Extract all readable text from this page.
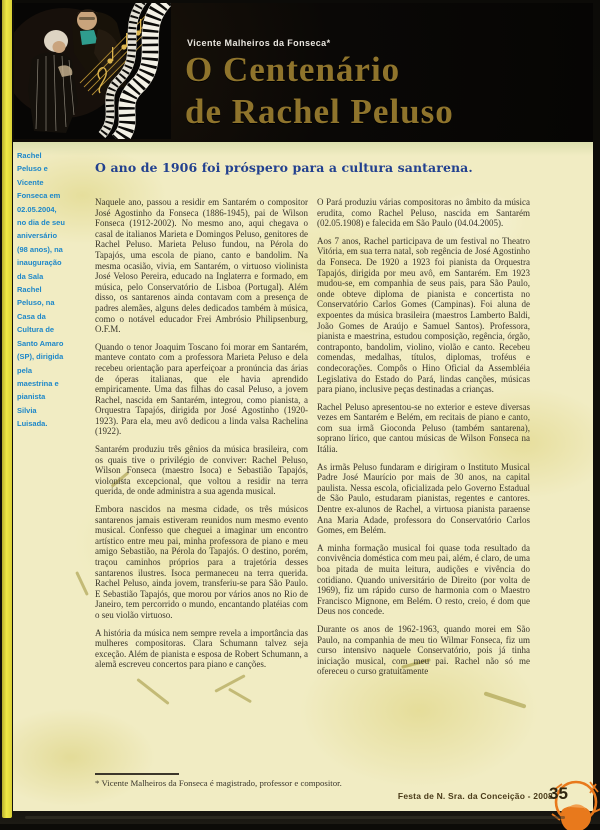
Vicente Malheiros da Fonseca*
O Centenário
de Rachel Peluso
Rachel Peluso e Vicente Fonseca em 02.05.2004, no dia de seu aniversário (98 anos), na inauguração da Sala Rachel Peluso, na Casa da Cultura de Santo Amaro (SP), dirigida pela maestrina e pianista Silvia Luisada.
O ano de 1906 foi próspero para a cultura santarena.

Naquele ano, passou a residir em Santarém o compositor José Agostinho da Fonseca (1886-1945), pai de Wilson Fonseca (1912-2002). No mesmo ano, aqui chegava o casal de italianos Marieta e Domingos Peluso, genitores de Rachel Peluso. Marieta Peluso fundou, na Pérola do Tapajós, uma escola de piano, canto e bandolim. Na mesma ocasião, vivia, em Santarém, o virtuoso violinista José Veloso Pereira, educado na Inglaterra e formado, em música, pelo Conservatório de Lisboa (Portugal). Além disso, os santarenos ainda contavam com a presença de padres alemães, alguns deles dedicados também à música, como o notável educador Frei Ambrósio Philipsenburg, O.F.M.

Quando o tenor Joaquim Toscano foi morar em Santarém, manteve contato com a professora Marieta Peluso e dela recebeu orientação para aperfeiçoar a pronúncia das árias de óperas italianas, que ele havia aprendido empiricamente. Uma das filhas do casal Peluso, a jovem Rachel, nascida em Santarém, integrou, como pianista, a Orquestra Tapajós, dirigida por José Agostinho (1920-1923). Para ela, meu avô dedicou a linda valsa Rachelina (1922).

Santarém produziu três gênios da música brasileira, com os quais tive o privilégio de conviver: Rachel Peluso, Wilson Fonseca (maestro Isoca) e Sebastião Tapajós, violonista excepcional, que voltou a residir na terra querida, de onde administra a sua agenda musical.

Embora nascidos na mesma cidade, os três músicos santarenos jamais estiveram reunidos num mesmo evento musical. Confesso que cheguei a imaginar um encontro artístico entre meu pai, minha professora de piano e meu amigo Sebastião, na Pérola do Tapajós. O destino, porém, traçou caminhos próprios para a trajetória desses santarenos ilustres. Isoca permaneceu na terra querida. Rachel Peluso, ainda jovem, transferiu-se para São Paulo. E Sebastião Tapajós, que morou por vários anos no Rio de Janeiro, tem percorrido o mundo, encantando platéias com o seu violão virtuoso.

A história da música nem sempre revela a importância das mulheres compositoras. Clara Schumann talvez seja exceção. Além de pianista e esposa de Robert Schumann, a alemã escreveu concertos para piano e canções.

O Pará produziu várias compositoras no âmbito da música erudita, como Rachel Peluso, nascida em Santarém (02.05.1908) e falecida em São Paulo (04.04.2005).

Aos 7 anos, Rachel participava de um festival no Theatro Vitória, em sua terra natal, sob regência de José Agostinho da Fonseca. De 1920 a 1923 foi pianista da Orquestra Tapajós, dirigida por meu avô, em Santarém. Em 1923 mudou-se, em companhia de seus pais, para São Paulo, onde obteve diploma de pianista e concertista no Conservatório Carlos Gomes (Campinas). Foi aluna de expoentes da música brasileira (maestros Lamberto Baldi, João Gomes de Araújo e Samuel Santos). Professora, pianista e maestrina, estudou composição, regência, órgão, contraponto, bandolim, violino, violão e canto. Recebeu comendas, medalhas, títulos, diplomas, troféus e condecorações. Compôs o Hino Oficial da Assembléia Legislativa do Estado do Pará, lindas canções, músicas para piano, inclusive peças destinadas a crianças.

Rachel Peluso apresentou-se no exterior e esteve diversas vezes em Santarém e Belém, em recitais de piano e canto, com sua irmã Gioconda Peluso (também santarena), soprano lírico, que cantou músicas de Wilson Fonseca na Itália.

As irmãs Peluso fundaram e dirigiram o Instituto Musical Padre José Maurício por mais de 30 anos, na capital paulista. Nessa escola, oficializada pelo Governo Estadual de São Paulo, estudaram pianistas, regentes e cantores. Dentre ex-alunos de Rachel, a virtuosa pianista paraense Ana Maria Adade, professora do Conservatório Carlos Gomes, em Belém.

A minha formação musical foi quase toda resultado da convivência doméstica com meu pai, além, é claro, de uma boa pitada de muita leitura, audições e vivência do cotidiano. Quando universitário de Direito (por volta de 1969), fiz um rápido curso de harmonia com o Maestro Francisco Mignone, em Belém. O resto, creio, é dom que Deus nos concede.

Durante os anos de 1962-1963, quando morei em São Paulo, na companhia de meu tio Wilmar Fonseca, fiz um curso intensivo naquele Conservatório, pois já tinha iniciação musical, com meu pai. Rachel não só me ofereceu o curso gratuitamente

* Vicente Malheiros da Fonseca é magistrado, professor e compositor.
Festa de N. Sra. da Conceição - 2008
35
